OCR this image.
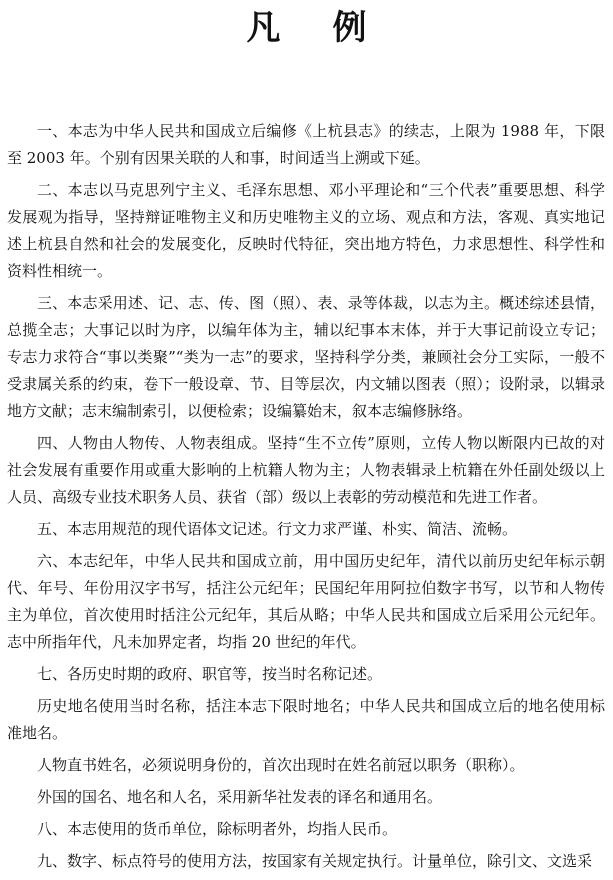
凡 例

一、本志为中华人民共和国成立后编修《上杭县志》的续志，上限为 1988 年，下限至 2003 年。个别有因果关联的人和事，时间适当上溯或下延。

二、本志以马克思列宁主义、毛泽东思想、邓小平理论和“三个代表”重要思想、科学发展观为指导，坚持辩证唯物主义和历史唯物主义的立场、观点和方法，客观、真实地记述上杭县自然和社会的发展变化，反映时代特征，突出地方特色，力求思想性、科学性和资料性相统一。

三、本志采用述、记、志、传、图（照）、表、录等体裁，以志为主。概述综述县情，总揽全志；大事记以时为序，以编年体为主，辅以纪事本末体，并于大事记前设立专记；专志力求符合“事以类聚”“类为一志”的要求，坚持科学分类，兼顾社会分工实际，一般不受隶属关系的约束，卷下一般设章、节、目等层次，内文辅以图表（照）；设附录，以辑录地方文献；志末编制索引，以便检索；设编纂始末，叙本志编修脉络。

四、人物由人物传、人物表组成。坚持“生不立传”原则，立传人物以断限内已故的对社会发展有重要作用或重大影响的上杭籍人物为主；人物表辑录上杭籍在外任副处级以上人员、高级专业技术职务人员、获省（部）级以上表彰的劳动模范和先进工作者。

五、本志用规范的现代语体文记述。行文力求严谨、朴实、简洁、流畅。

六、本志纪年，中华人民共和国成立前，用中国历史纪年，清代以前历史纪年标示朝代、年号、年份用汉字书写，括注公元纪年；民国纪年用阿拉伯数字书写，以节和人物传主为单位，首次使用时括注公元纪年，其后从略；中华人民共和国成立后采用公元纪年。志中所指年代，凡未加界定者，均指 20 世纪的年代。

七、各历史时期的政府、职官等，按当时名称记述。

历史地名使用当时名称，括注本志下限时地名；中华人民共和国成立后的地名使用标准地名。

人物直书姓名，必须说明身份的，首次出现时在姓名前冠以职务（职称）。

外国的国名、地名和人名，采用新华社发表的译名和通用名。

八、本志使用的货币单位，除标明者外，均指人民币。

九、数字、标点符号的使用方法，按国家有关规定执行。计量单位，除引文、文选采
